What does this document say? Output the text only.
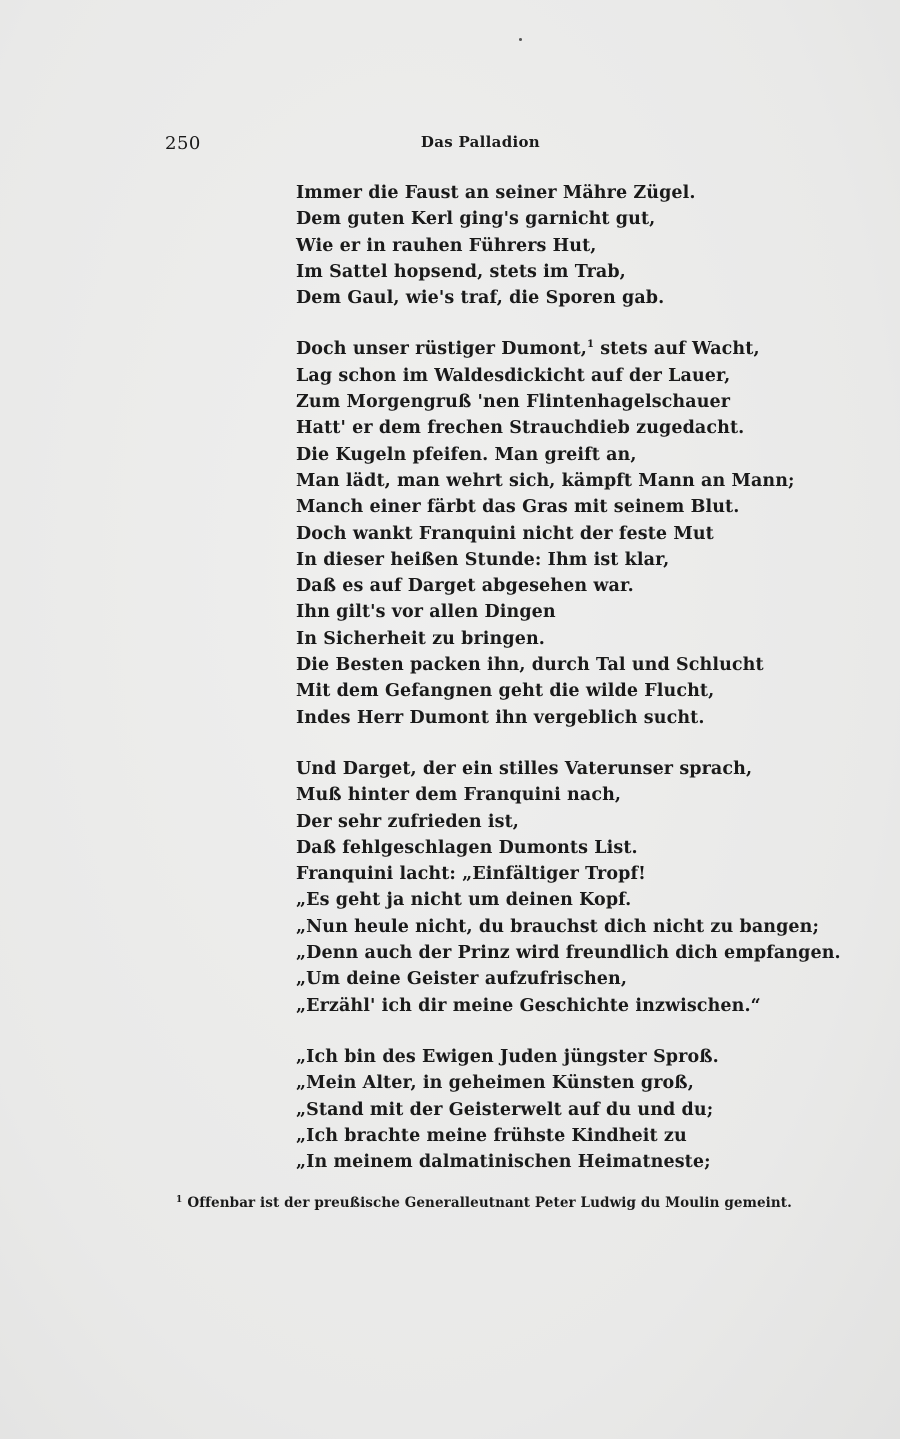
250	Das Palladion
Immer die Faust an seiner Mähre Zügel.
Dem guten Kerl ging's garnicht gut,
Wie er in rauhen Führers Hut,
Im Sattel hopsend, stets im Trab,
Dem Gaul, wie's traf, die Sporen gab.
Doch unser rüstiger Dumont,$^1$ stets auf Wacht,
Lag schon im Waldesdickicht auf der Lauer,
Zum Morgengruß 'nen Flintenhagelschauer
Hatt' er dem frechen Strauchdieb zugedacht.
Die Kugeln pfeifen. Man greift an,
Man lädt, man wehrt sich, kämpft Mann an Mann;
Manch einer färbt das Gras mit seinem Blut.
Doch wankt Franquini nicht der feste Mut
In dieser heißen Stunde: Ihm ist klar,
Daß es auf Darget abgesehen war.
Ihn gilt's vor allen Dingen
In Sicherheit zu bringen.
Die Besten packen ihn, durch Tal und Schlucht
Mit dem Gefangnen geht die wilde Flucht,
Indes Herr Dumont ihn vergeblich sucht.
Und Darget, der ein stilles Vaterunser sprach,
Muß hinter dem Franquini nach,
Der sehr zufrieden ist,
Daß fehlgeschlagen Dumonts List.
Franquini lacht: „Einfältiger Tropf!
„Es geht ja nicht um deinen Kopf.
„Nun heule nicht, du brauchst dich nicht zu bangen;
„Denn auch der Prinz wird freundlich dich empfangen.
„Um deine Geister aufzufrischen,
„Erzähl' ich dir meine Geschichte inzwischen.“
„Ich bin des Ewigen Juden jüngster Sproß.
„Mein Alter, in geheimen Künsten groß,
„Stand mit der Geisterwelt auf du und du;
„Ich brachte meine frühste Kindheit zu
„In meinem dalmatinischen Heimatneste;
$^1$ Offenbar ist der preußische Generalleutnant Peter Ludwig du Moulin gemeint.
